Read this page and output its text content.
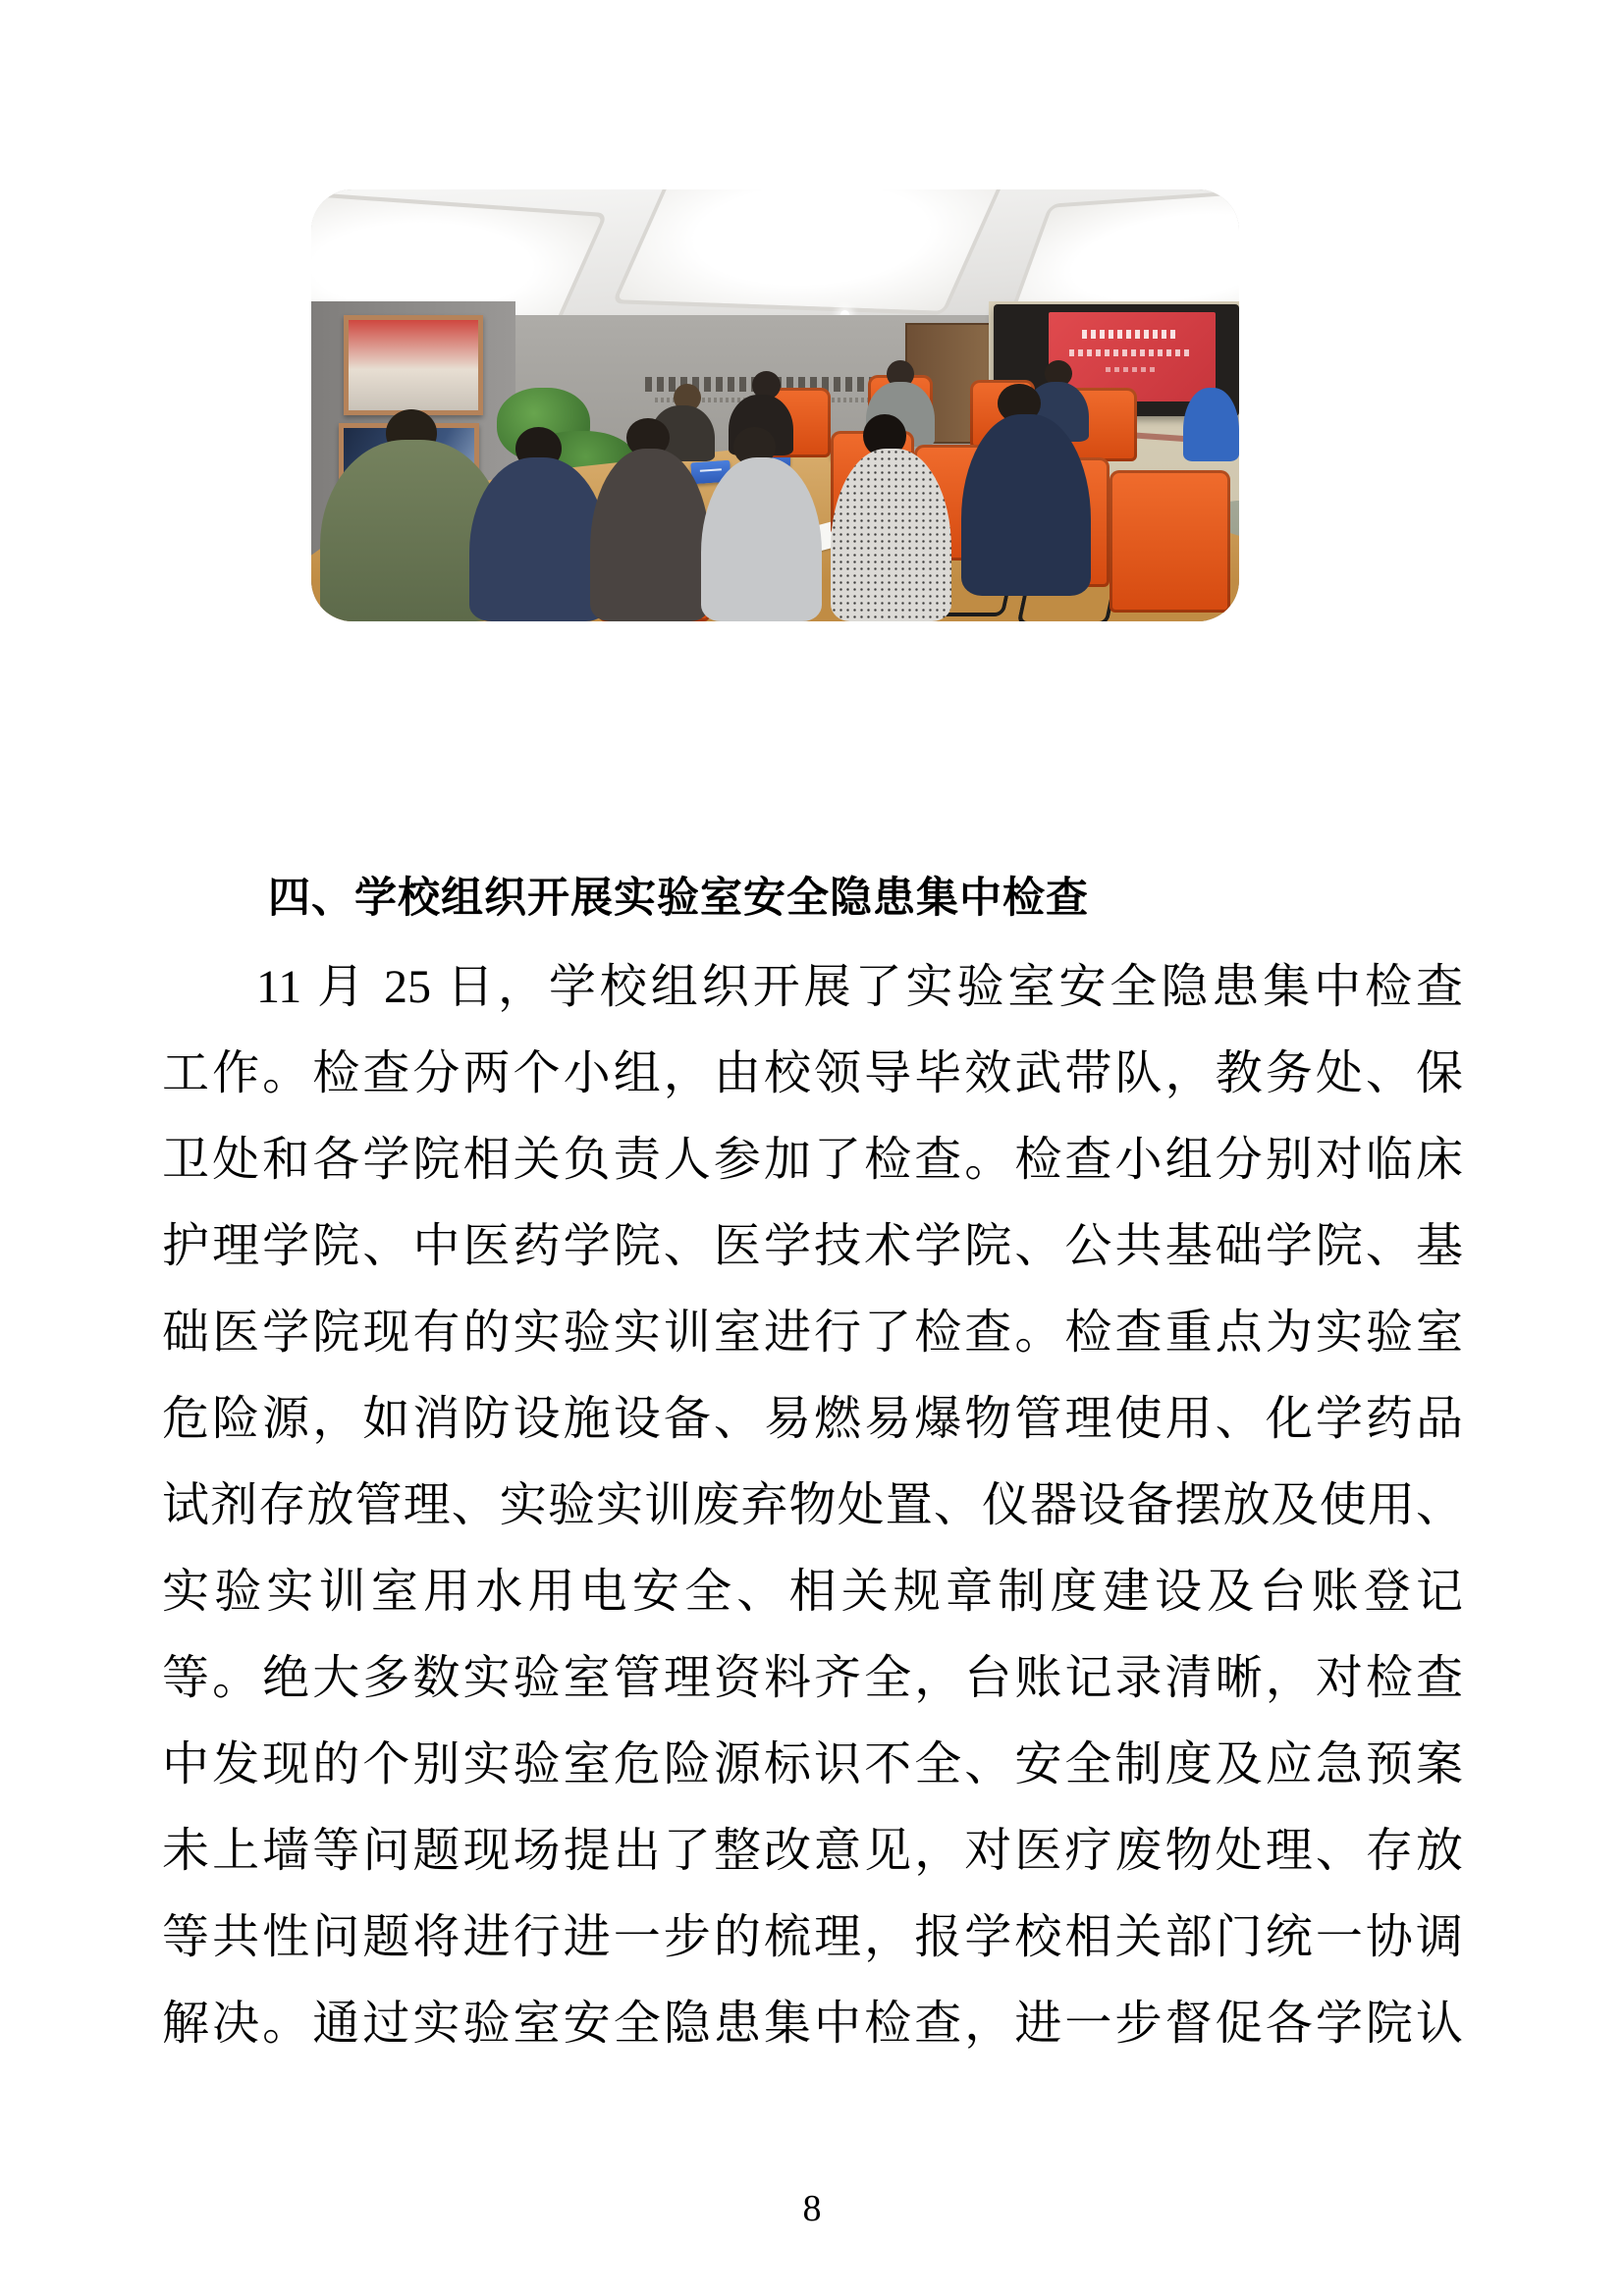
四、学校组织开展实验室安全隐患集中检查
11 月 25 日，学校组织开展了实验室安全隐患集中检查
工作。检查分两个小组，由校领导毕效武带队，教务处、保
卫处和各学院相关负责人参加了检查。检查小组分别对临床
护理学院、中医药学院、医学技术学院、公共基础学院、基
础医学院现有的实验实训室进行了检查。检查重点为实验室
危险源，如消防设施设备、易燃易爆物管理使用、化学药品
试剂存放管理、实验实训废弃物处置、仪器设备摆放及使用、
实验实训室用水用电安全、相关规章制度建设及台账登记
等。绝大多数实验室管理资料齐全，台账记录清晰，对检查
中发现的个别实验室危险源标识不全、安全制度及应急预案
未上墙等问题现场提出了整改意见，对医疗废物处理、存放
等共性问题将进行进一步的梳理，报学校相关部门统一协调
解决。通过实验室安全隐患集中检查，进一步督促各学院认
8
